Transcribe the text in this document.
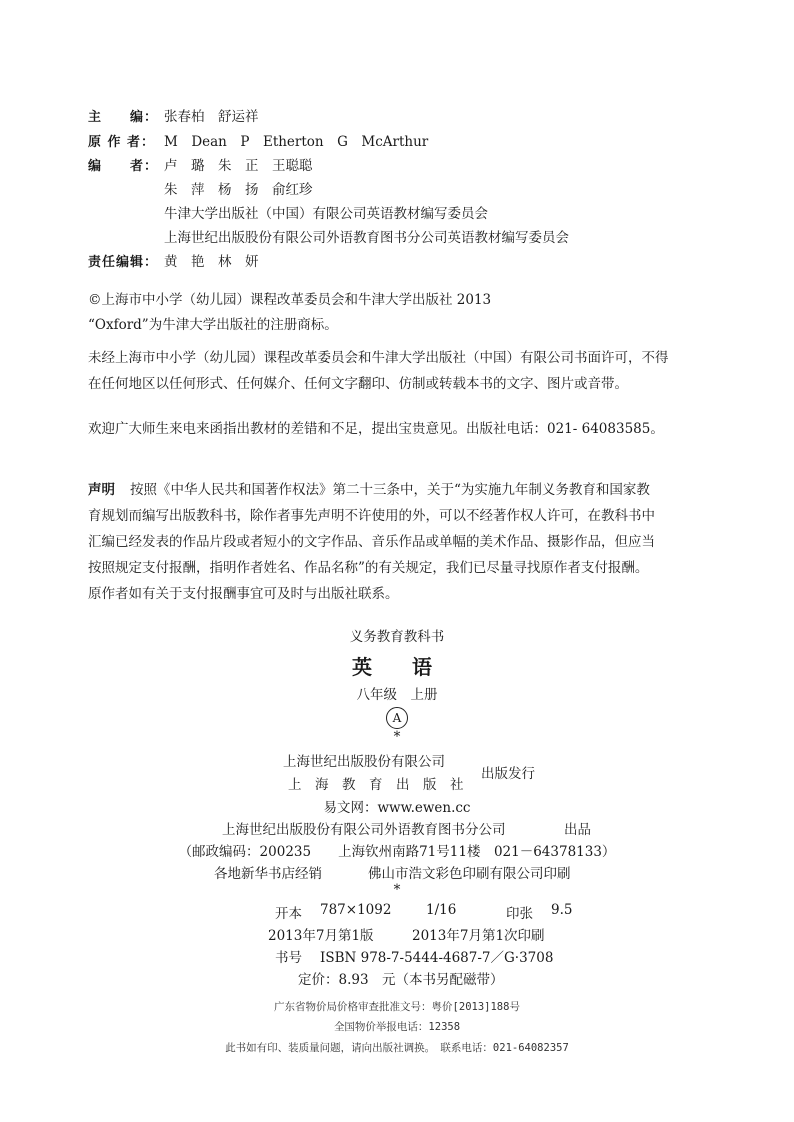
主　　编： 张春柏　舒运祥
原 作 者： M　Dean　P　Etherton　G　McArthur
编　　者： 卢　璐　朱　正　王聪聪
朱　萍　杨　扬　俞红珍
牛津大学出版社（中国）有限公司英语教材编写委员会
上海世纪出版股份有限公司外语教育图书分公司英语教材编写委员会
责任编辑： 黄　艳　林　妍
©上海市中小学（幼儿园）课程改革委员会和牛津大学出版社 2013
“Oxford”为牛津大学出版社的注册商标。
未经上海市中小学（幼儿园）课程改革委员会和牛津大学出版社（中国）有限公司书面许可，不得
在任何地区以任何形式、任何媒介、任何文字翻印、仿制或转载本书的文字、图片或音带。
欢迎广大师生来电来函指出教材的差错和不足，提出宝贵意见。出版社电话：021- 64083585。
声明 按照《中华人民共和国著作权法》第二十三条中，关于“为实施九年制义务教育和国家教
育规划而编写出版教科书，除作者事先声明不许使用的外，可以不经著作权人许可，在教科书中
汇编已经发表的作品片段或者短小的文字作品、音乐作品或单幅的美术作品、摄影作品，但应当
按照规定支付报酬，指明作者姓名、作品名称”的有关规定，我们已尽量寻找原作者支付报酬。
原作者如有关于支付报酬事宜可及时与出版社联系。
义务教育教科书
英　语
八年级　上册
A
*
上海世纪出版股份有限公司
上　海　教　育　出　版　社
出版发行
易文网：www.ewen.cc
上海世纪出版股份有限公司外语教育图书分公司	出品
（邮政编码：200235　　上海钦州南路71号11楼　021－64378133）
各地新华书店经销	佛山市浩文彩色印刷有限公司印刷
*
开本 787×1092	1/16	印张 9.5
2013年7月第1版	2013年7月第1次印刷
书号 ISBN 978-7-5444-4687-7／G·3708
定价：8.93　元（本书另配磁带）
广东省物价局价格审查批准文号：粤价[2013]188号
全国物价举报电话：12358
此书如有印、装质量问题，请向出版社调换。　联系电话：021-64082357
